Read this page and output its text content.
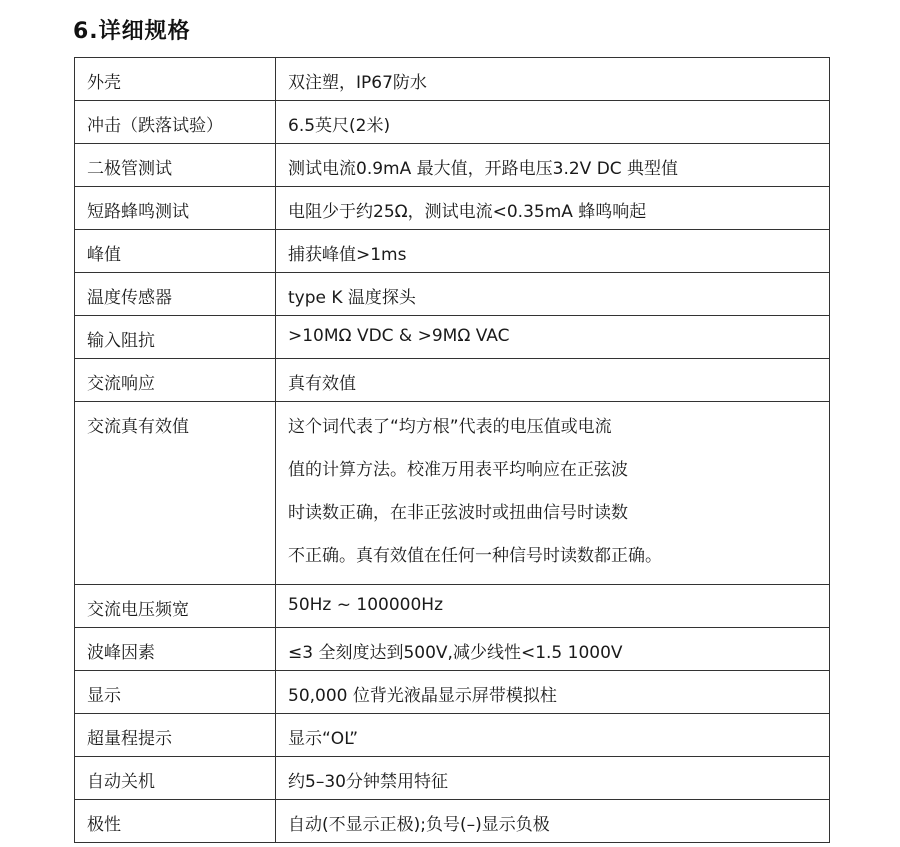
6.详细规格
外壳	双注塑，IP67防水
冲击（跌落试验）	6.5英尺(2米)
二极管测试	测试电流0.9mA 最大值，开路电压3.2V DC 典型值
短路蜂鸣测试	电阻少于约25Ω，测试电流<0.35mA 蜂鸣响起
峰值	捕获峰值>1ms
温度传感器	type K 温度探头
输入阻抗	>10MΩ VDC & >9MΩ VAC
交流响应	真有效值
交流真有效值	这个词代表了“均方根”代表的电压值或电流
值的计算方法。校准万用表平均响应在正弦波
时读数正确，在非正弦波时或扭曲信号时读数
不正确。真有效值在任何一种信号时读数都正确。

交流电压频宽	50Hz ~ 100000Hz
波峰因素	≤3 全刻度达到500V,减少线性<1.5 1000V
显示	50,000 位背光液晶显示屏带模拟柱
超量程提示	显示“OL”
自动关机	约5–30分钟禁用特征
极性	自动(不显示正极);负号(–)显示负极
